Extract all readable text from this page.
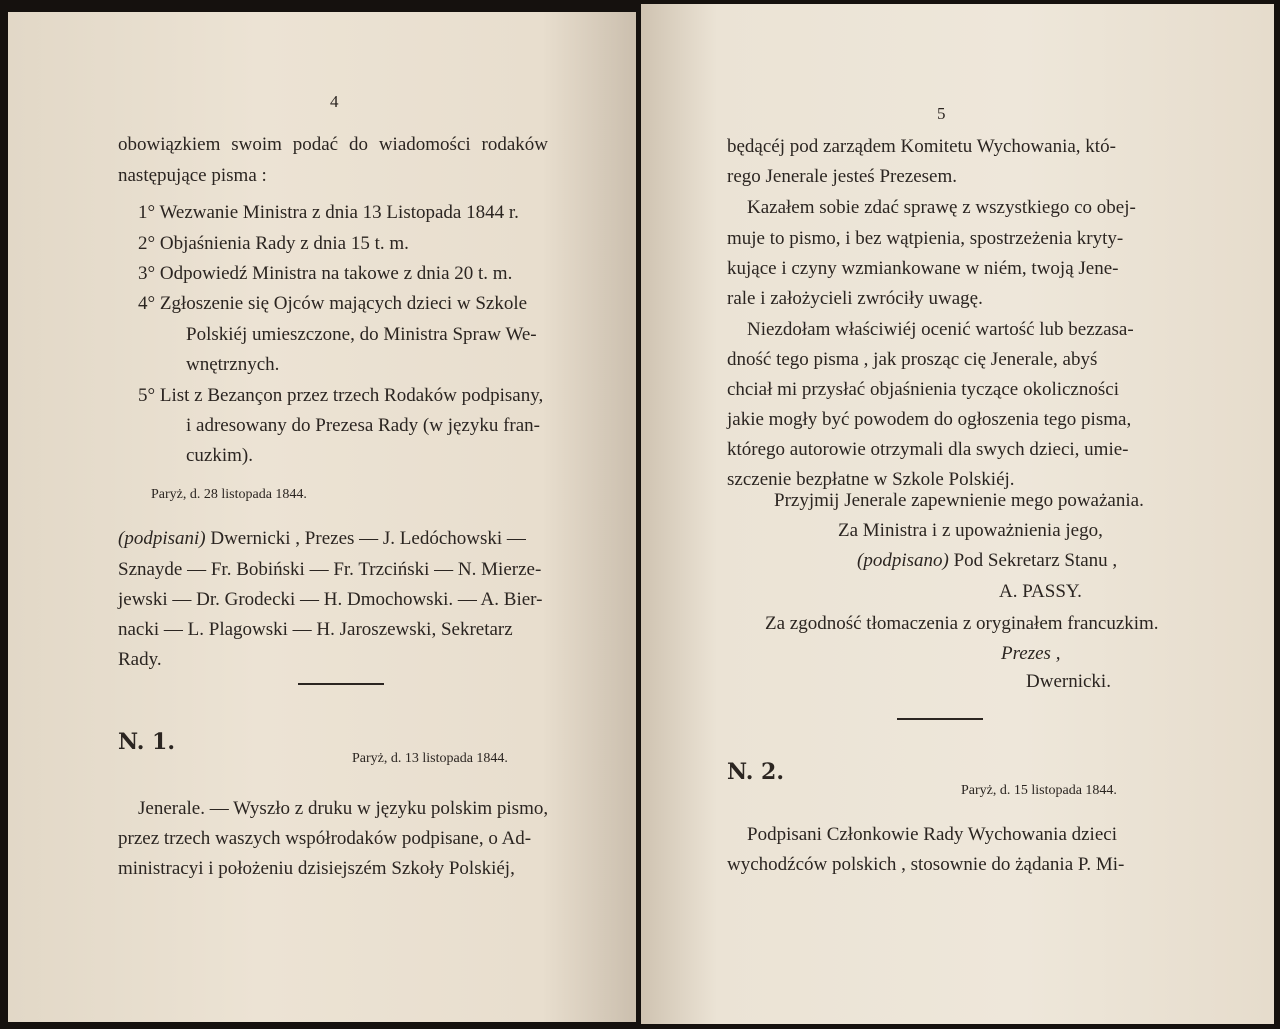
4
obowiązkiem swoim podać do wiadomości rodaków
następujące pisma :
1° Wezwanie Ministra z dnia 13 Listopada 1844 r.
2° Objaśnienia Rady z dnia 15 t. m.
3° Odpowiedź Ministra na takowe z dnia 20 t. m.
4° Zgłoszenie się Ojców mających dzieci w Szkole
Polskiéj umieszczone, do Ministra Spraw We-
wnętrznych.
5° List z Bezançon przez trzech Rodaków podpisany,
i adresowany do Prezesa Rady (w języku fran-
cuzkim).
Paryż, d. 28 listopada 1844.
(podpisani) Dwernicki , Prezes — J. Ledóchowski —
Sznayde — Fr. Bobiński — Fr. Trzciński — N. Mierze-
jewski — Dr. Grodecki — H. Dmochowski. — A. Bier-
nacki — L. Plagowski — H. Jaroszewski, Sekretarz
Rady.
N. 1.
Paryż, d. 13 listopada 1844.
Jenerale. — Wyszło z druku w języku polskim pismo,
przez trzech waszych współrodaków podpisane, o Ad-
ministracyi i położeniu dzisiejszém Szkoły Polskiéj,
5
będącéj pod zarządem Komitetu Wychowania, któ-
rego Jenerale jesteś Prezesem.
Kazałem sobie zdać sprawę z wszystkiego co obej-
muje to pismo, i bez wątpienia, spostrzeżenia kryty-
kujące i czyny wzmiankowane w niém, twoją Jene-
rale i założycieli zwróciły uwagę.
Niezdołam właściwiéj ocenić wartość lub bezzasa-
dność tego pisma , jak prosząc cię Jenerale, abyś
chciał mi przysłać objaśnienia tyczące okoliczności
jakie mogły być powodem do ogłoszenia tego pisma,
którego autorowie otrzymali dla swych dzieci, umie-
szczenie bezpłatne w Szkole Polskiéj.
Przyjmij Jenerale zapewnienie mego poważania.
Za Ministra i z upoważnienia jego,
(podpisano) Pod Sekretarz Stanu ,
A. PASSY.
Za zgodność tłomaczenia z oryginałem francuzkim.
Prezes ,
Dwernicki.
N. 2.
Paryż, d. 15 listopada 1844.
Podpisani Członkowie Rady Wychowania dzieci
wychodźców polskich , stosownie do żądania P. Mi-
